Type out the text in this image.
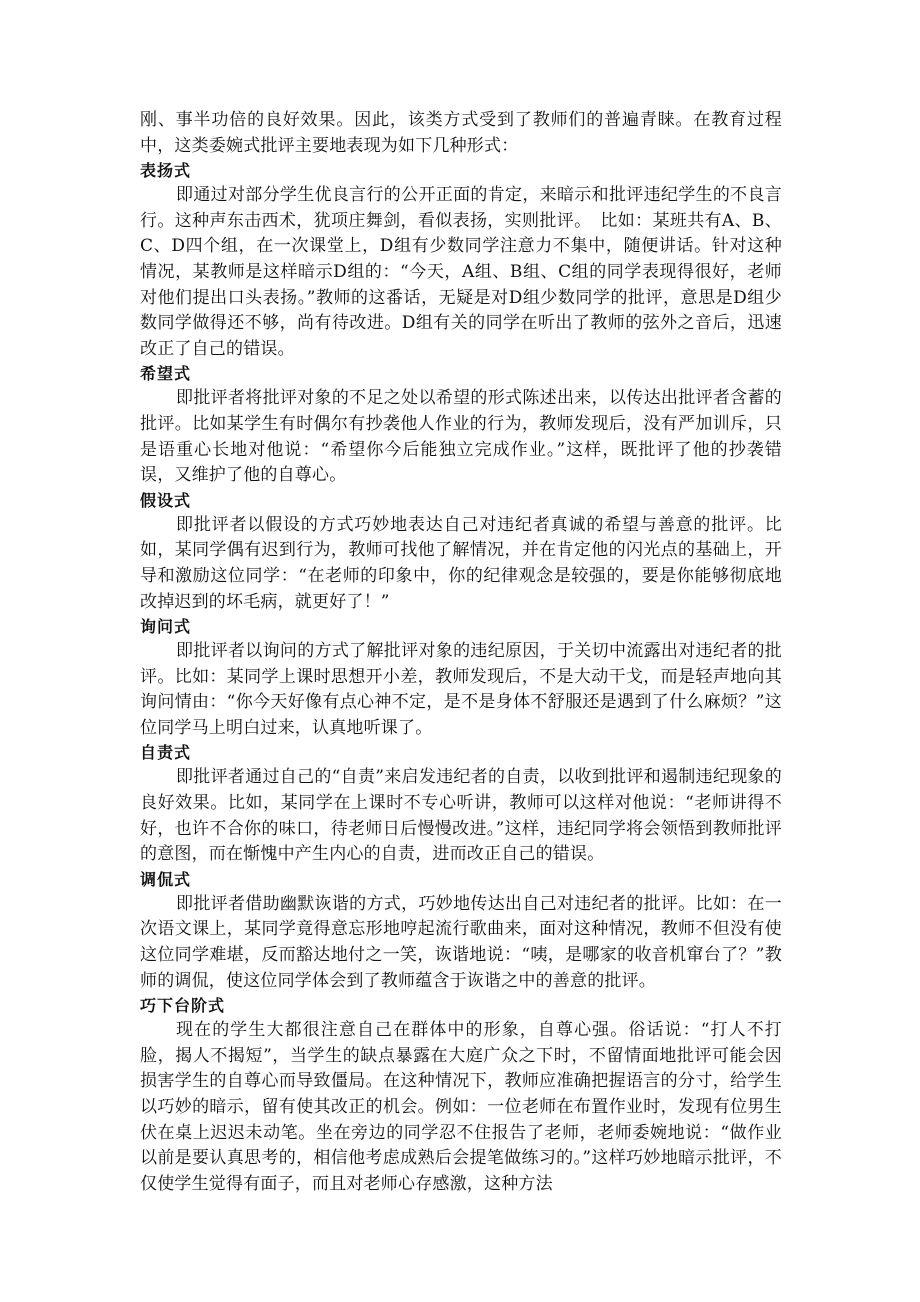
刚、事半功倍的良好效果。因此，该类方式受到了教师们的普遍青睐。在教育过程中，这类委婉式批评主要地表现为如下几种形式：

表扬式

即通过对部分学生优良言行的公开正面的肯定，来暗示和批评违纪学生的不良言行。这种声东击西术，犹项庄舞剑，看似表扬，实则批评。　比如：某班共有A、B、C、D四个组，在一次课堂上，D组有少数同学注意力不集中，随便讲话。针对这种情况，某教师是这样暗示D组的：“今天，A组、B组、C组的同学表现得很好，老师对他们提出口头表扬。”教师的这番话，无疑是对D组少数同学的批评，意思是D组少数同学做得还不够，尚有待改进。D组有关的同学在听出了教师的弦外之音后，迅速改正了自己的错误。

希望式

即批评者将批评对象的不足之处以希望的形式陈述出来，以传达出批评者含蓄的批评。比如某学生有时偶尔有抄袭他人作业的行为，教师发现后，没有严加训斥，只是语重心长地对他说：“希望你今后能独立完成作业。”这样，既批评了他的抄袭错误，又维护了他的自尊心。

假设式

即批评者以假设的方式巧妙地表达自己对违纪者真诚的希望与善意的批评。比如，某同学偶有迟到行为，教师可找他了解情况，并在肯定他的闪光点的基础上，开导和激励这位同学：“在老师的印象中，你的纪律观念是较强的，要是你能够彻底地改掉迟到的坏毛病，就更好了！”

询问式

即批评者以询问的方式了解批评对象的违纪原因，于关切中流露出对违纪者的批评。比如：某同学上课时思想开小差，教师发现后，不是大动干戈，而是轻声地向其询问情由：“你今天好像有点心神不定，是不是身体不舒服还是遇到了什么麻烦？”这位同学马上明白过来，认真地听课了。

自责式

即批评者通过自己的“自责”来启发违纪者的自责，以收到批评和遏制违纪现象的良好效果。比如，某同学在上课时不专心听讲，教师可以这样对他说：“老师讲得不好，也许不合你的味口，待老师日后慢慢改进。”这样，违纪同学将会领悟到教师批评的意图，而在惭愧中产生内心的自责，进而改正自己的错误。

调侃式

即批评者借助幽默诙谐的方式，巧妙地传达出自己对违纪者的批评。比如：在一次语文课上，某同学竟得意忘形地哼起流行歌曲来，面对这种情况，教师不但没有使这位同学难堪，反而豁达地付之一笑，诙谐地说：“咦，是哪家的收音机窜台了？”教师的调侃，使这位同学体会到了教师蕴含于诙谐之中的善意的批评。

巧下台阶式

现在的学生大都很注意自己在群体中的形象，自尊心强。俗话说：“打人不打脸，揭人不揭短”，当学生的缺点暴露在大庭广众之下时，不留情面地批评可能会因损害学生的自尊心而导致僵局。在这种情况下，教师应准确把握语言的分寸，给学生以巧妙的暗示，留有使其改正的机会。例如：一位老师在布置作业时，发现有位男生伏在桌上迟迟未动笔。坐在旁边的同学忍不住报告了老师，老师委婉地说：“做作业以前是要认真思考的，相信他考虑成熟后会提笔做练习的。”这样巧妙地暗示批评，不仅使学生觉得有面子，而且对老师心存感激，这种方法
